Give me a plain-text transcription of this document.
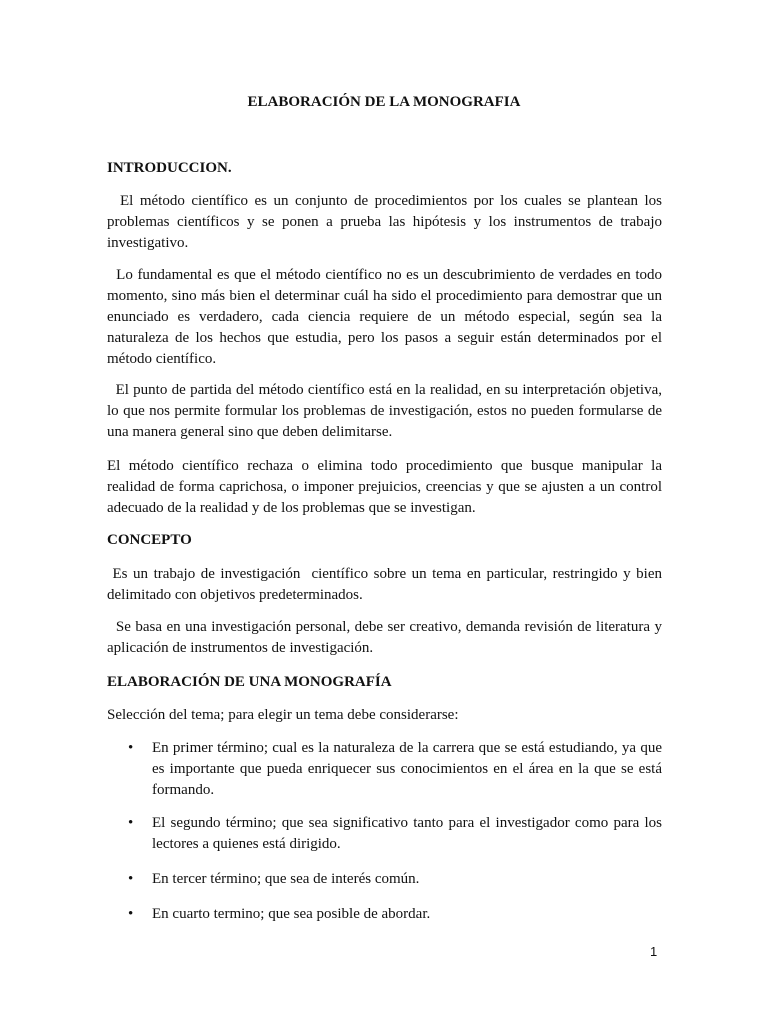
ELABORACIÓN DE LA MONOGRAFIA
INTRODUCCION.

El método científico es un conjunto de procedimientos por los cuales se plantean los problemas científicos y se ponen a prueba las hipótesis y los instrumentos de trabajo investigativo.

Lo fundamental es que el método científico no es un descubrimiento de verdades en todo momento, sino más bien el determinar cuál ha sido el procedimiento para demostrar que un enunciado es verdadero, cada ciencia requiere de un método especial, según sea la naturaleza de los hechos que estudia, pero los pasos a seguir están determinados por el método científico.

El punto de partida del método científico está en la realidad, en su interpretación objetiva, lo que nos permite formular los problemas de investigación, estos no pueden formularse de una manera general sino que deben delimitarse.

El método científico rechaza o elimina todo procedimiento que busque manipular la realidad de forma caprichosa, o imponer prejuicios, creencias y que se ajusten a un control adecuado de la realidad y de los problemas que se investigan.

CONCEPTO

Es un trabajo de investigación  científico sobre un tema en particular, restringido y bien delimitado con objetivos predeterminados.

Se basa en una investigación personal, debe ser creativo, demanda revisión de literatura y aplicación de instrumentos de investigación.

ELABORACIÓN DE UNA MONOGRAFÍA

Selección del tema; para elegir un tema debe considerarse:

• En primer término; cual es la naturaleza de la carrera que se está estudiando, ya que es importante que pueda enriquecer sus conocimientos en el área en la que se está formando.
• El segundo término; que sea significativo tanto para el investigador como para los lectores a quienes está dirigido.
• En tercer término; que sea de interés común.
• En cuarto termino; que sea posible de abordar.
1
